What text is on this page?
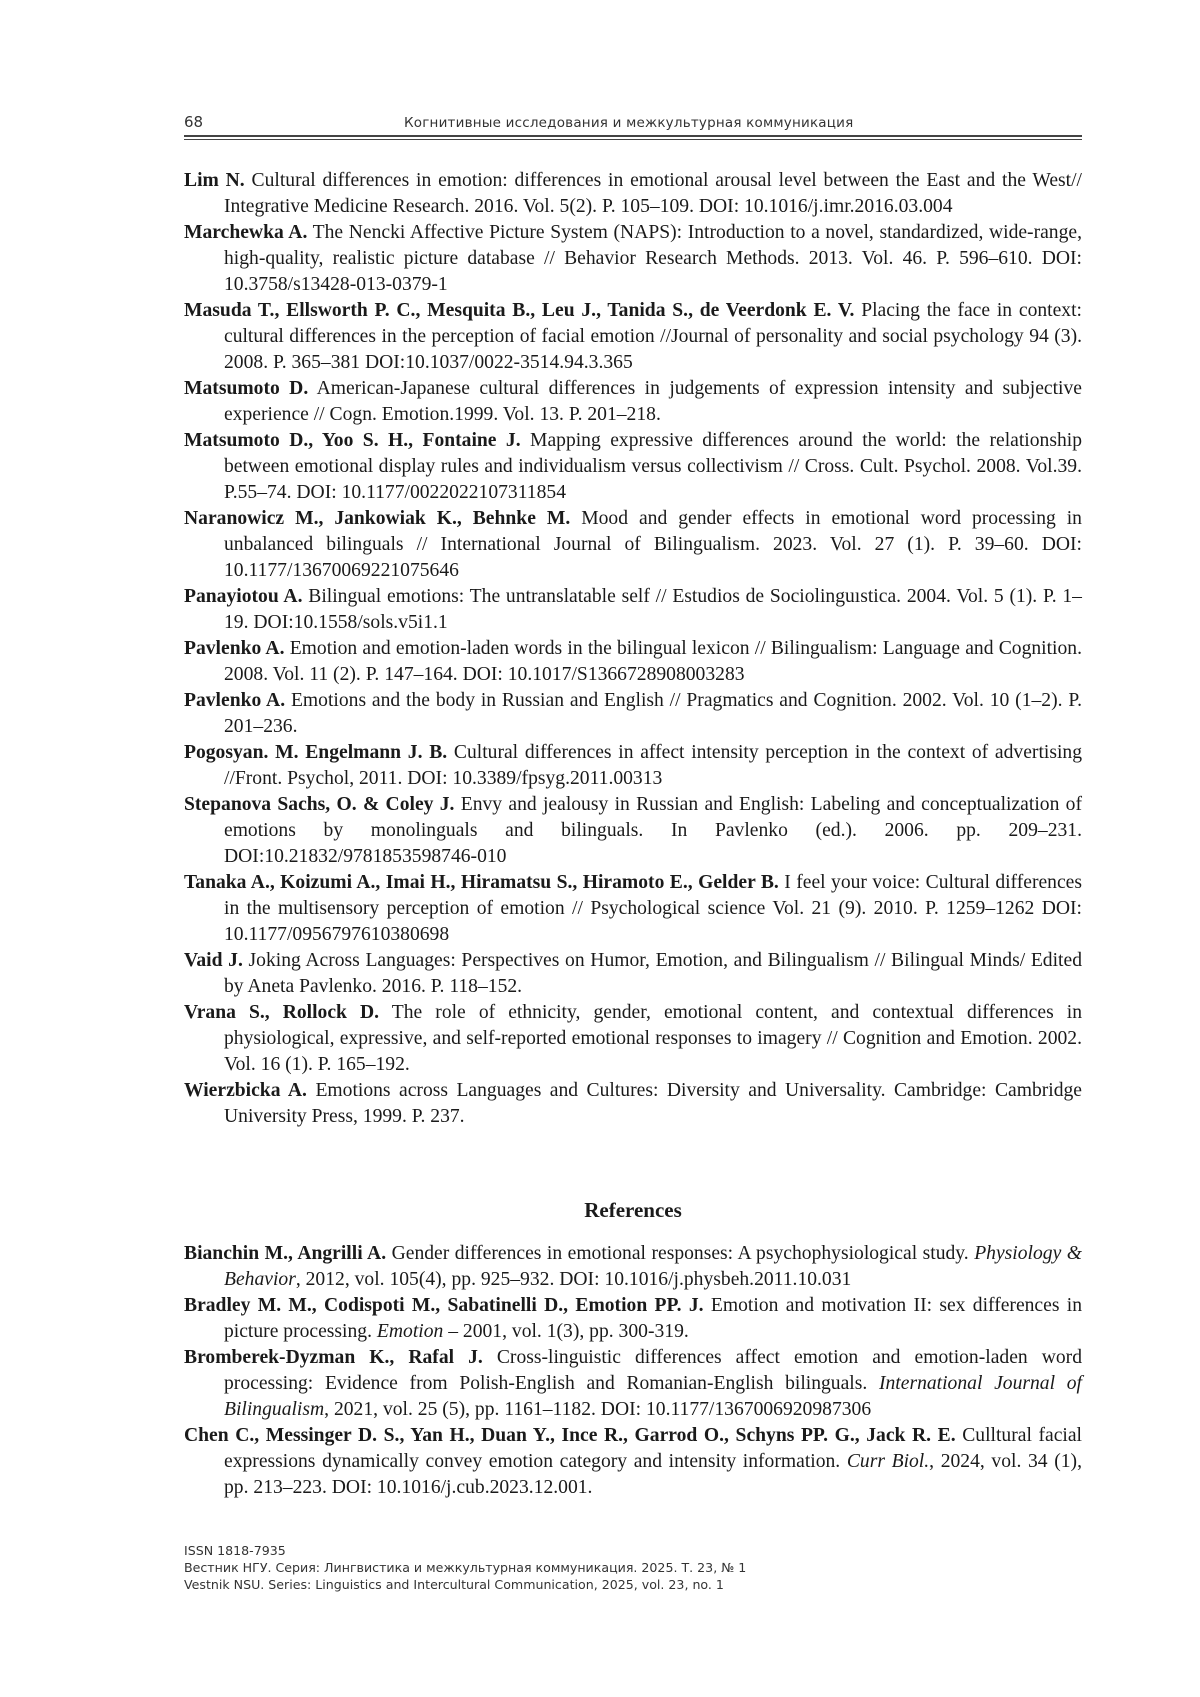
68	Когнитивные исследования и межкультурная коммуникация

Lim N. Cultural differences in emotion: differences in emotional arousal level between the East and the West// Integrative Medicine Research. 2016. Vol. 5(2). P. 105–109. DOI: 10.1016/j.imr.2016.03.004

Marchewka A. The Nencki Affective Picture System (NAPS): Introduction to a novel, standardized, wide-range, high-quality, realistic picture database // Behavior Research Methods. 2013. Vol. 46. P. 596–610. DOI: 10.3758/s13428-013-0379-1

Masuda T., Ellsworth P. C., Mesquita B., Leu J., Tanida S., de Veerdonk E. V. Placing the face in context: cultural differences in the perception of facial emotion //Journal of personality and social psychology 94 (3). 2008. P. 365–381 DOI:10.1037/0022-3514.94.3.365

Matsumoto D. American-Japanese cultural differences in judgements of expression intensity and subjective experience // Cogn. Emotion.1999. Vol. 13. P. 201–218.

Matsumoto D., Yoo S. H., Fontaine J. Mapping expressive differences around the world: the relationship between emotional display rules and individualism versus collectivism // Cross. Cult. Psychol. 2008. Vol.39. P.55–74. DOI: 10.1177/0022022107311854

Naranowicz M., Jankowiak K., Behnke M. Mood and gender effects in emotional word processing in unbalanced bilinguals // International Journal of Bilingualism. 2023. Vol. 27 (1). P. 39–60. DOI: 10.1177/13670069221075646

Panayiotou A. Bilingual emotions: The untranslatable self // Estudios de Sociolinguıstica. 2004. Vol. 5 (1). P. 1–19. DOI:10.1558/sols.v5i1.1

Pavlenko A. Emotion and emotion-laden words in the bilingual lexicon // Bilingualism: Language and Cognition. 2008. Vol. 11 (2). P. 147–164. DOI: 10.1017/S1366728908003283

Pavlenko A. Emotions and the body in Russian and English // Pragmatics and Cognition. 2002. Vol. 10 (1–2). P. 201–236.

Pogosyan. M. Engelmann J. B. Cultural differences in affect intensity perception in the context of advertising //Front. Psychol, 2011. DOI: 10.3389/fpsyg.2011.00313

Stepanova Sachs, O. & Coley J. Envy and jealousy in Russian and English: Labeling and conceptualization of emotions by monolinguals and bilinguals. In Pavlenko (ed.). 2006. pp. 209–231. DOI:10.21832/9781853598746-010

Tanaka A., Koizumi A., Imai H., Hiramatsu S., Hiramoto E., Gelder B. I feel your voice: Cultural differences in the multisensory perception of emotion // Psychological science Vol. 21 (9). 2010. P. 1259–1262 DOI: 10.1177/0956797610380698

Vaid J. Joking Across Languages: Perspectives on Humor, Emotion, and Bilingualism // Bilingual Minds/ Edited by Aneta Pavlenko. 2016. P. 118–152.

Vrana S., Rollock D. The role of ethnicity, gender, emotional content, and contextual differences in physiological, expressive, and self-reported emotional responses to imagery // Cognition and Emotion. 2002. Vol. 16 (1). P. 165–192.

Wierzbicka A. Emotions across Languages and Cultures: Diversity and Universality. Cambridge: Cambridge University Press, 1999. P. 237.

References

Bianchin M., Angrilli A. Gender differences in emotional responses: A psychophysiological study. Physiology & Behavior, 2012, vol. 105(4), pp. 925–932. DOI: 10.1016/j.physbeh.2011.10.031

Bradley M. M., Codispoti M., Sabatinelli D., Emotion PP. J. Emotion and motivation II: sex differences in picture processing. Emotion – 2001, vol. 1(3), pp. 300-319.

Bromberek-Dyzman K., Rafal J. Cross-linguistic differences affect emotion and emotion-laden word processing: Evidence from Polish-English and Romanian-English bilinguals. International Journal of Bilingualism, 2021, vol. 25 (5), pp. 1161–1182. DOI: 10.1177/1367006920987306

Chen C., Messinger D. S., Yan H., Duan Y., Ince R., Garrod O., Schyns PP. G., Jack R. E. Culltural facial expressions dynamically convey emotion category and intensity information. Curr Biol., 2024, vol. 34 (1), pp. 213–223. DOI: 10.1016/j.cub.2023.12.001.

ISSN 1818-7935
Вестник НГУ. Серия: Лингвистика и межкультурная коммуникация. 2025. Т. 23, № 1
Vestnik NSU. Series: Linguistics and Intercultural Communication, 2025, vol. 23, no. 1
